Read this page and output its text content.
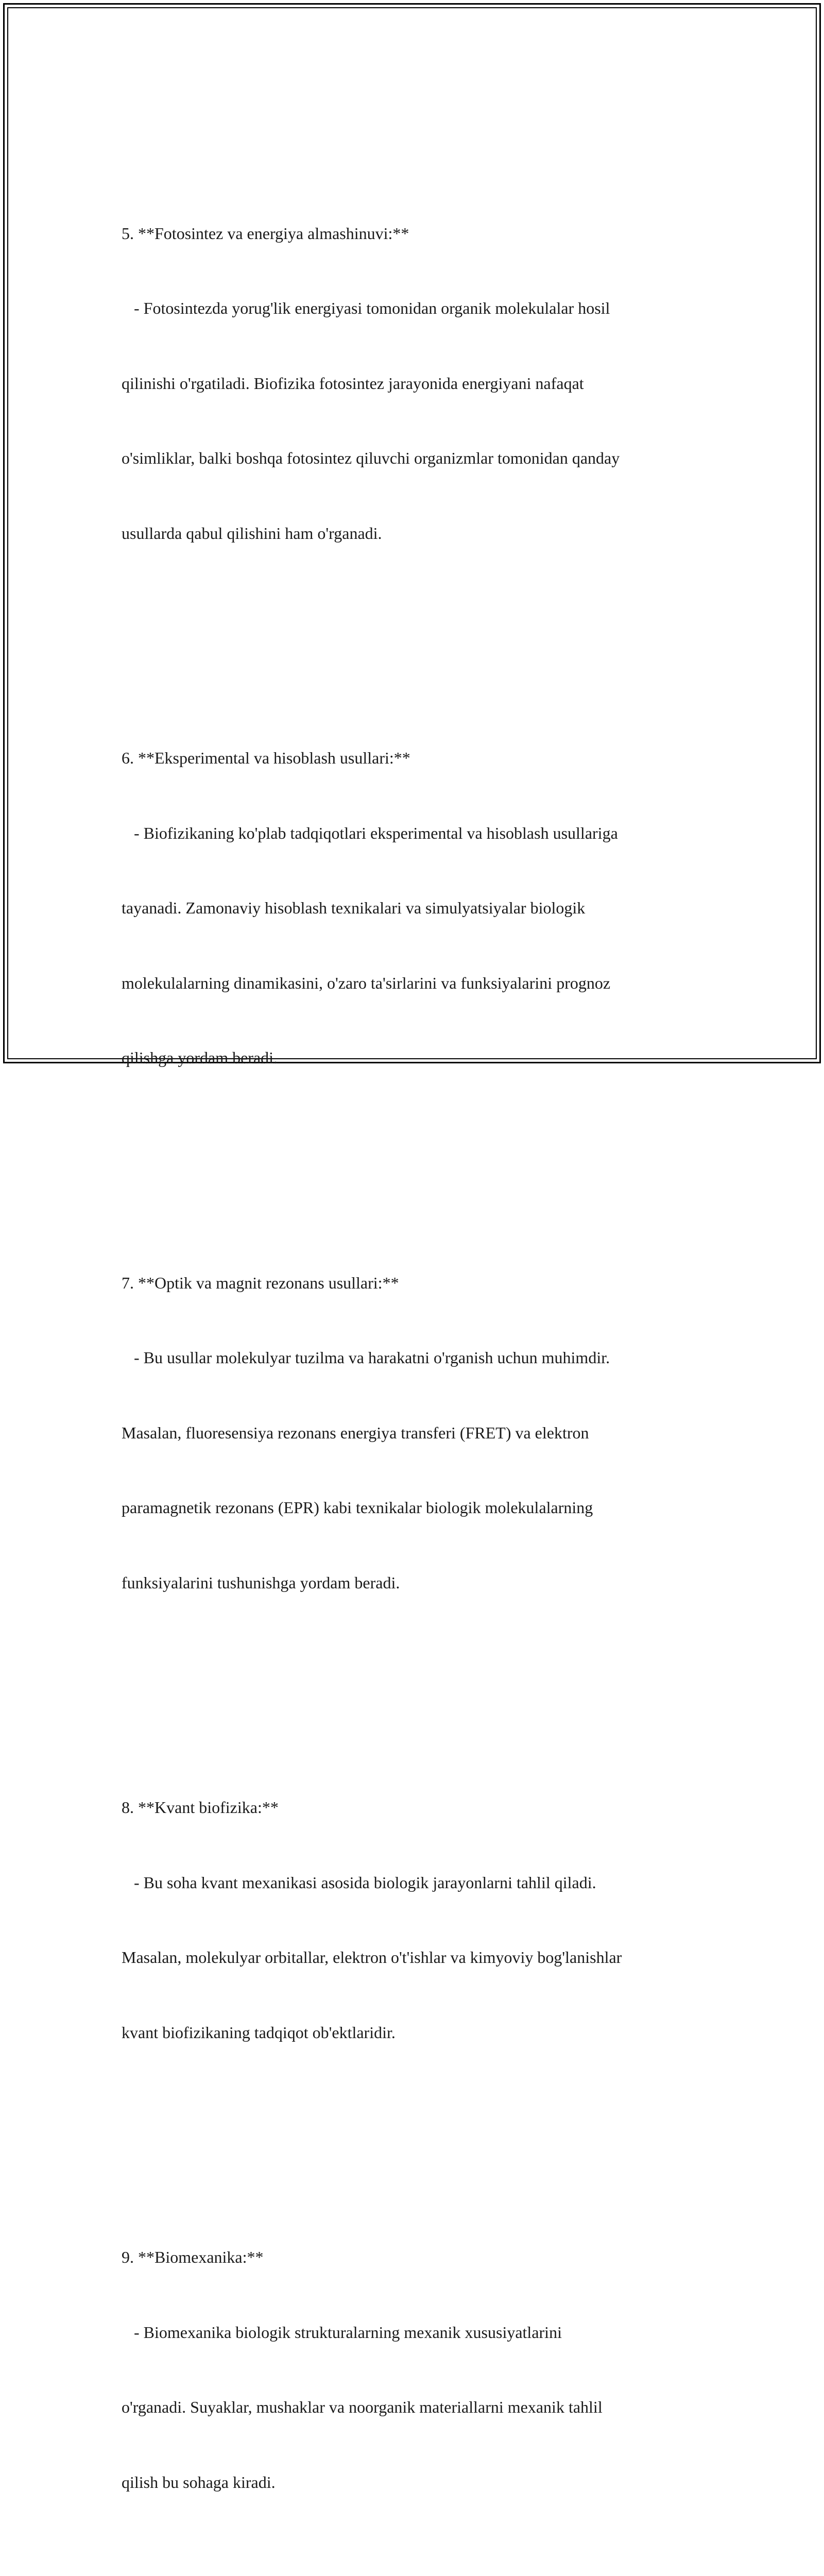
5. **Fotosintez va energiya almashinuvi:**

- Fotosintezda yorug'lik energiyasi tomonidan organik molekulalar hosil

qilinishi o'rgatiladi. Biofizika fotosintez jarayonida energiyani nafaqat

o'simliklar, balki boshqa fotosintez qiluvchi organizmlar tomonidan qanday

usullarda qabul qilishini ham o'rganadi.

6. **Eksperimental va hisoblash usullari:**

- Biofizikaning ko'plab tadqiqotlari eksperimental va hisoblash usullariga

tayanadi. Zamonaviy hisoblash texnikalari va simulyatsiyalar biologik

molekulalarning dinamikasini, o'zaro ta'sirlarini va funksiyalarini prognoz

qilishga yordam beradi.

7. **Optik va magnit rezonans usullari:**

- Bu usullar molekulyar tuzilma va harakatni o'rganish uchun muhimdir.

Masalan, fluoresensiya rezonans energiya transferi (FRET) va elektron

paramagnetik rezonans (EPR) kabi texnikalar biologik molekulalarning

funksiyalarini tushunishga yordam beradi.

8. **Kvant biofizika:**

- Bu soha kvant mexanikasi asosida biologik jarayonlarni tahlil qiladi.

Masalan, molekulyar orbitallar, elektron o't'ishlar va kimyoviy bog'lanishlar

kvant biofizikaning tadqiqot ob'ektlaridir.

9. **Biomexanika:**

- Biomexanika biologik strukturalarning mexanik xususiyatlarini

o'rganadi. Suyaklar, mushaklar va noorganik materiallarni mexanik tahlil

qilish bu sohaga kiradi.
